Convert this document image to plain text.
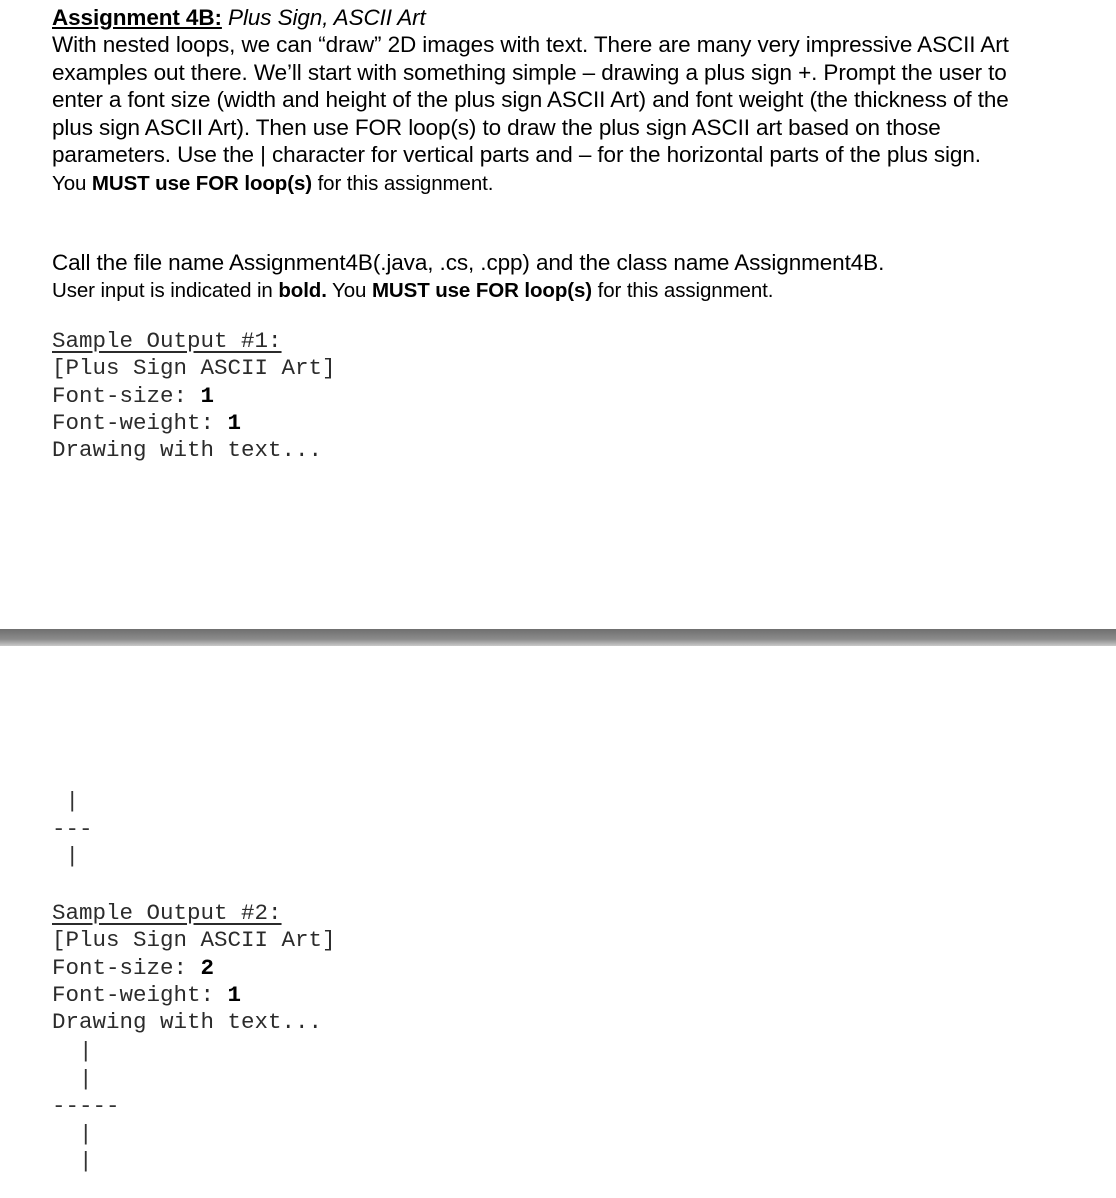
Assignment 4B: Plus Sign, ASCII Art
With nested loops, we can “draw” 2D images with text. There are many very impressive ASCII Art examples out there. We’ll start with something simple – drawing a plus sign +. Prompt the user to enter a font size (width and height of the plus sign ASCII Art) and font weight (the thickness of the plus sign ASCII Art). Then use FOR loop(s) to draw the plus sign ASCII art based on those parameters. Use the | character for vertical parts and – for the horizontal parts of the plus sign. You MUST use FOR loop(s) for this assignment.
Call the file name Assignment4B(.java, .cs, .cpp) and the class name Assignment4B.
User input is indicated in bold. You MUST use FOR loop(s) for this assignment.
Sample Output #1:
[Plus Sign ASCII Art]
Font-size: 1
Font-weight: 1
Drawing with text...
|
---
|
Sample Output #2:
[Plus Sign ASCII Art]
Font-size: 2
Font-weight: 1
Drawing with text...
|
|
-----
|
|
